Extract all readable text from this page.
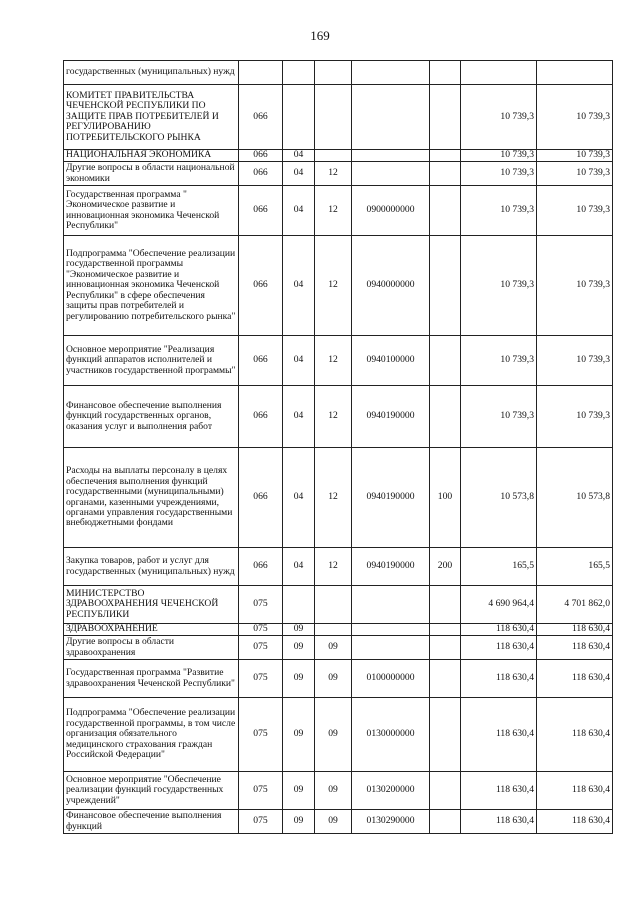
169
государственных (муниципальных) нужд							
КОМИТЕТ ПРАВИТЕЛЬСТВА ЧЕЧЕНСКОЙ РЕСПУБЛИКИ ПО ЗАЩИТЕ ПРАВ ПОТРЕБИТЕЛЕЙ И РЕГУЛИРОВАНИЮ ПОТРЕБИТЕЛЬСКОГО РЫНКА	066					10 739,3	10 739,3
НАЦИОНАЛЬНАЯ ЭКОНОМИКА	066	04				10 739,3	10 739,3
Другие вопросы в области национальной экономики	066	04	12			10 739,3	10 739,3
Государственная программа " Экономическое развитие и инновационная экономика Чеченской Республики"	066	04	12	0900000000		10 739,3	10 739,3
Подпрограмма "Обеспечение реализации государственной программы "Экономическое развитие и инновационная экономика Чеченской Республики" в сфере обеспечения защиты прав потребителей и регулированию потребительского рынка"	066	04	12	0940000000		10 739,3	10 739,3
Основное мероприятие "Реализация функций аппаратов исполнителей и участников государственной программы"	066	04	12	0940100000		10 739,3	10 739,3
Финансовое обеспечение выполнения функций государственных органов, оказания услуг и выполнения работ	066	04	12	0940190000		10 739,3	10 739,3
Расходы на выплаты персоналу в целях обеспечения выполнения функций государственными (муниципальными) органами, казенными учреждениями, органами управления государственными внебюджетными фондами	066	04	12	0940190000	100	10 573,8	10 573,8
Закупка товаров, работ и услуг для государственных (муниципальных) нужд	066	04	12	0940190000	200	165,5	165,5
МИНИСТЕРСТВО ЗДРАВООХРАНЕНИЯ ЧЕЧЕНСКОЙ РЕСПУБЛИКИ	075					4 690 964,4	4 701 862,0
ЗДРАВООХРАНЕНИЕ	075	09				118 630,4	118 630,4
Другие вопросы в области здравоохранения	075	09	09			118 630,4	118 630,4
Государственная программа "Развитие здравоохранения Чеченской Республики"	075	09	09	0100000000		118 630,4	118 630,4
Подпрограмма "Обеспечение реализации государственной программы, в том числе организация обязательного медицинского страхования граждан Российской Федерации"	075	09	09	0130000000		118 630,4	118 630,4
Основное мероприятие "Обеспечение реализации функций государственных учреждений"	075	09	09	0130200000		118 630,4	118 630,4
Финансовое обеспечение выполнения функций	075	09	09	0130290000		118 630,4	118 630,4
